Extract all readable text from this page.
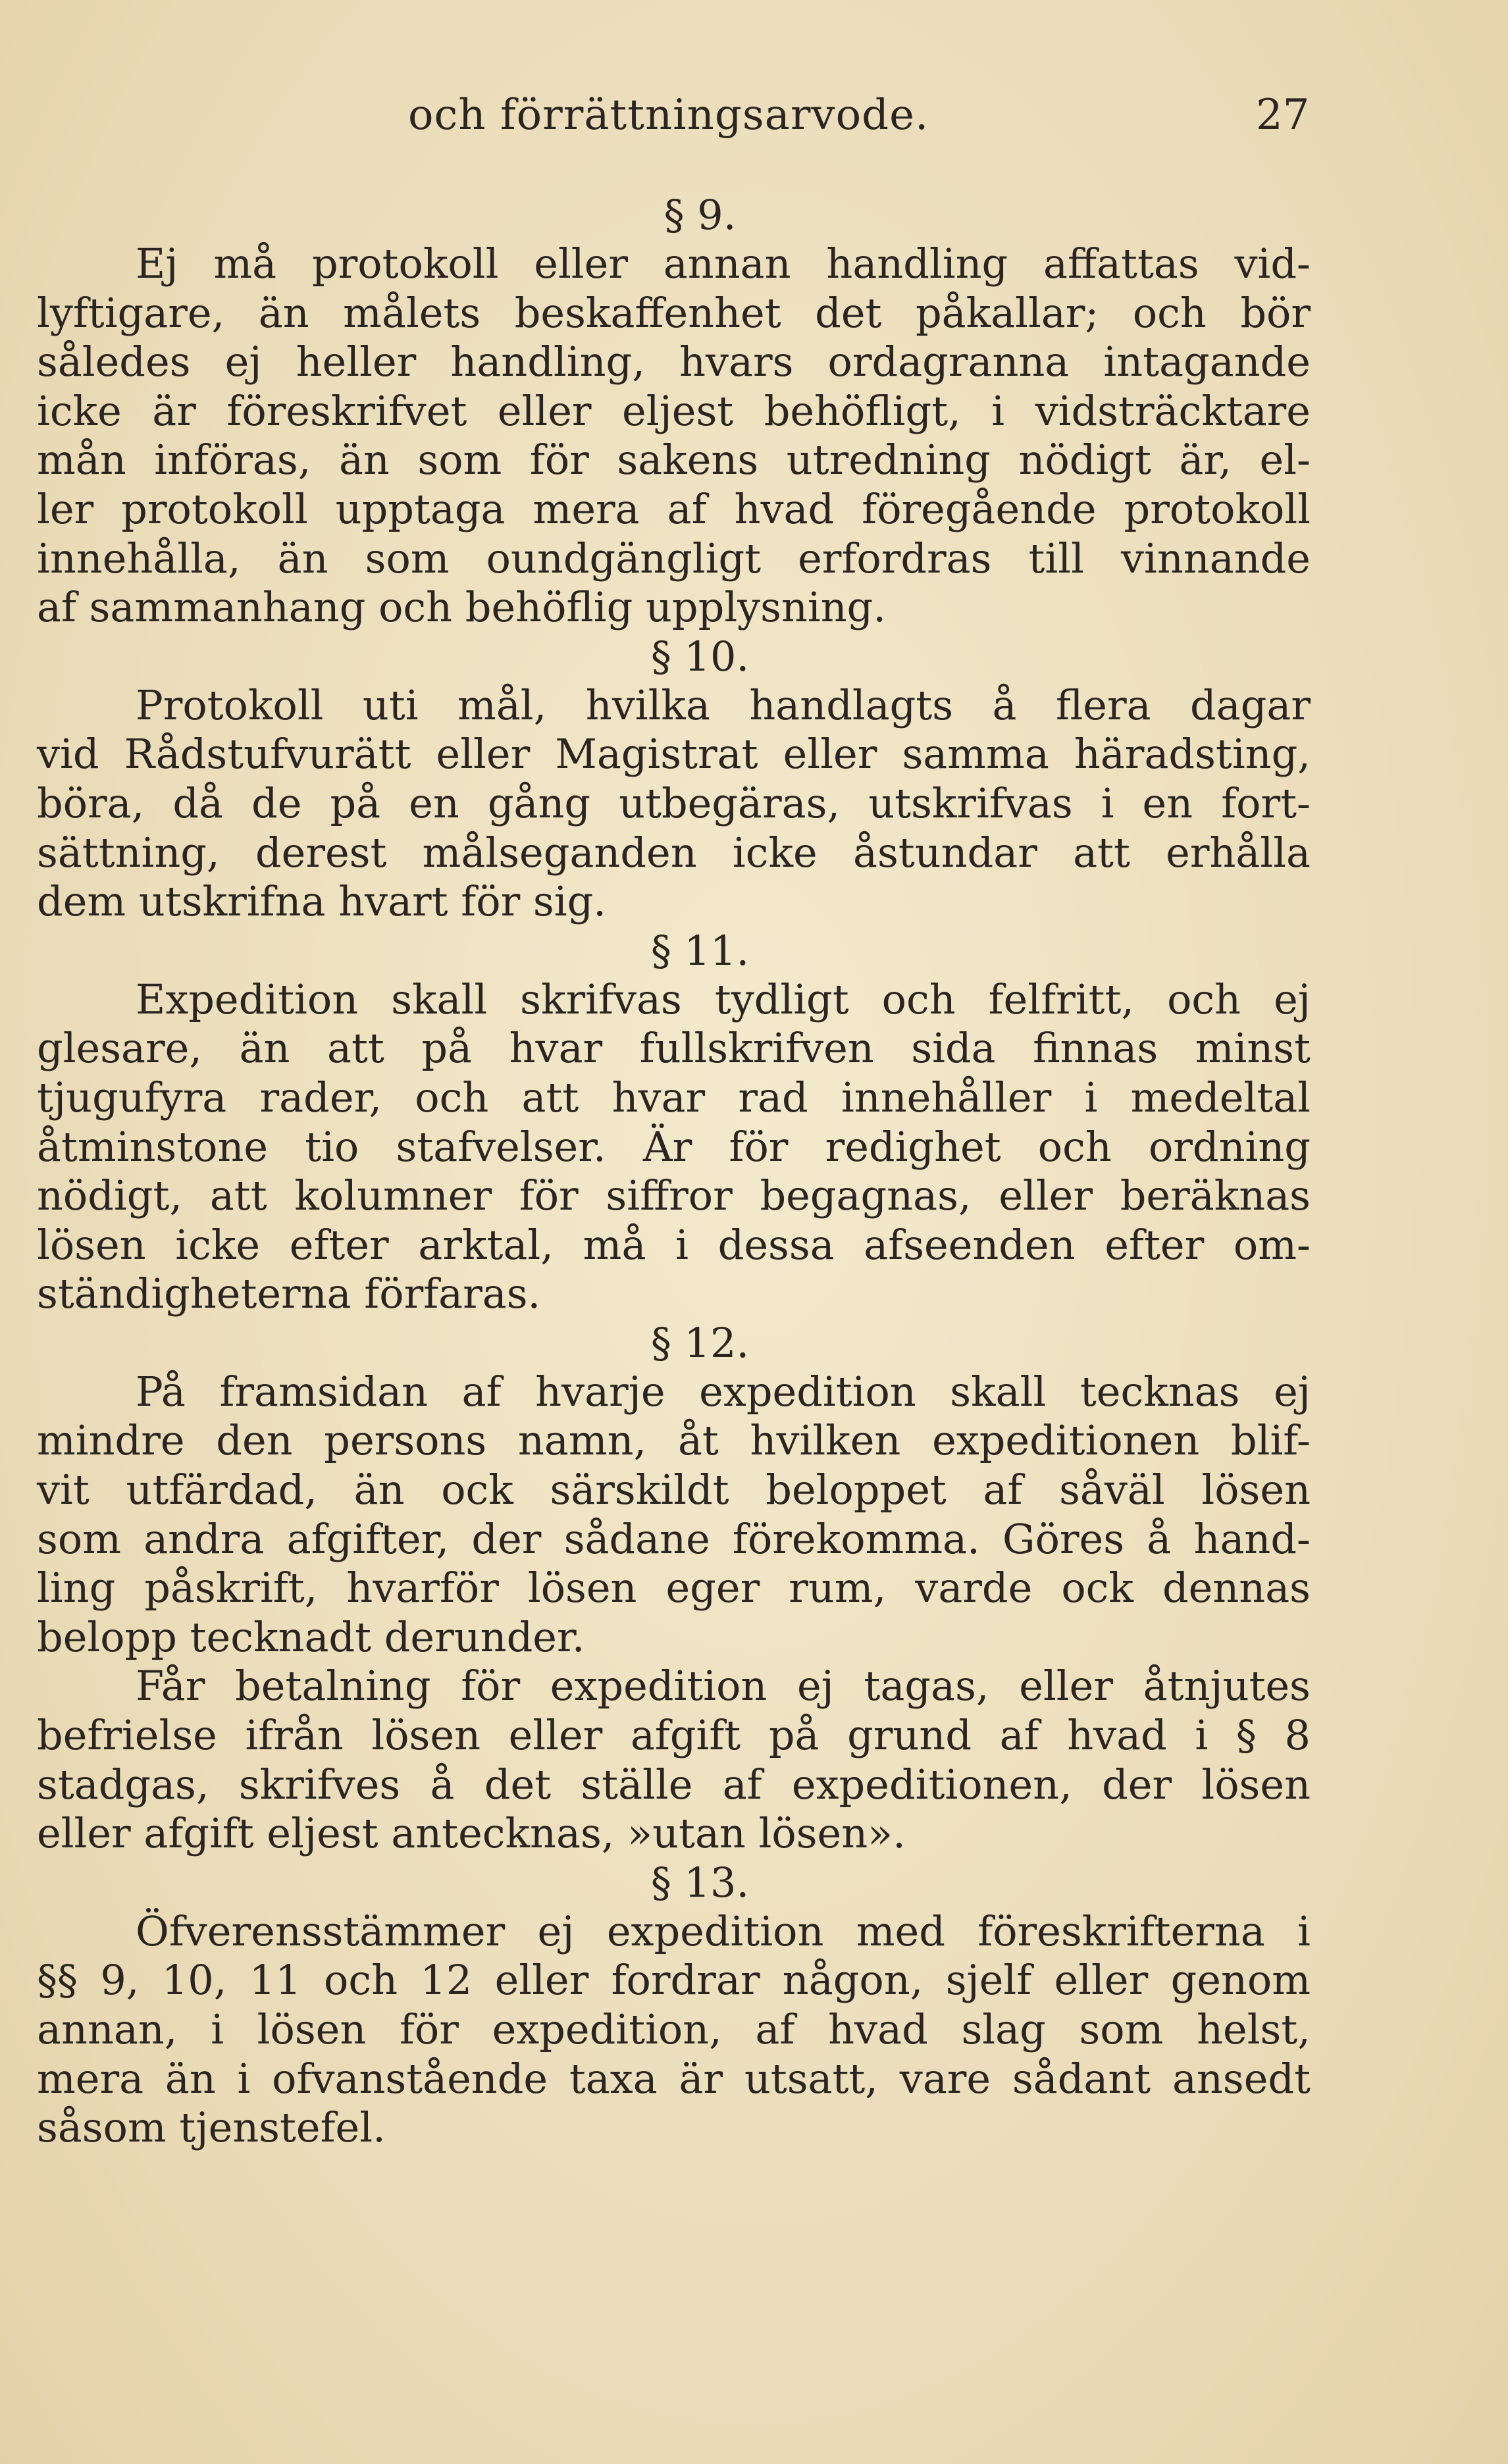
och förrättningsarvode.	27
§ 9.
Ej må protokoll eller annan handling affattas vid-
lyftigare, än målets beskaffenhet det påkallar; och bör
således ej heller handling, hvars ordagranna intagande
icke är föreskrifvet eller eljest behöfligt, i vidsträcktare
mån införas, än som för sakens utredning nödigt är, el-
ler protokoll upptaga mera af hvad föregående protokoll
innehålla, än som oundgängligt erfordras till vinnande
af sammanhang och behöflig upplysning.
§ 10.
Protokoll uti mål, hvilka handlagts å flera dagar
vid Rådstufvurätt eller Magistrat eller samma häradsting,
böra, då de på en gång utbegäras, utskrifvas i en fort-
sättning, derest målseganden icke åstundar att erhålla
dem utskrifna hvart för sig.
§ 11.
Expedition skall skrifvas tydligt och felfritt, och ej
glesare, än att på hvar fullskrifven sida finnas minst
tjugufyra rader, och att hvar rad innehåller i medeltal
åtminstone tio stafvelser. Är för redighet och ordning
nödigt, att kolumner för siffror begagnas, eller beräknas
lösen icke efter arktal, må i dessa afseenden efter om-
ständigheterna förfaras.
§ 12.
På framsidan af hvarje expedition skall tecknas ej
mindre den persons namn, åt hvilken expeditionen blif-
vit utfärdad, än ock särskildt beloppet af såväl lösen
som andra afgifter, der sådane förekomma. Göres å hand-
ling påskrift, hvarför lösen eger rum, varde ock dennas
belopp tecknadt derunder.
Får betalning för expedition ej tagas, eller åtnjutes
befrielse ifrån lösen eller afgift på grund af hvad i § 8
stadgas, skrifves å det ställe af expeditionen, der lösen
eller afgift eljest antecknas, »utan lösen».
§ 13.
Öfverensstämmer ej expedition med föreskrifterna i
§§ 9, 10, 11 och 12 eller fordrar någon, sjelf eller genom
annan, i lösen för expedition, af hvad slag som helst,
mera än i ofvanstående taxa är utsatt, vare sådant ansedt
såsom tjenstefel.
